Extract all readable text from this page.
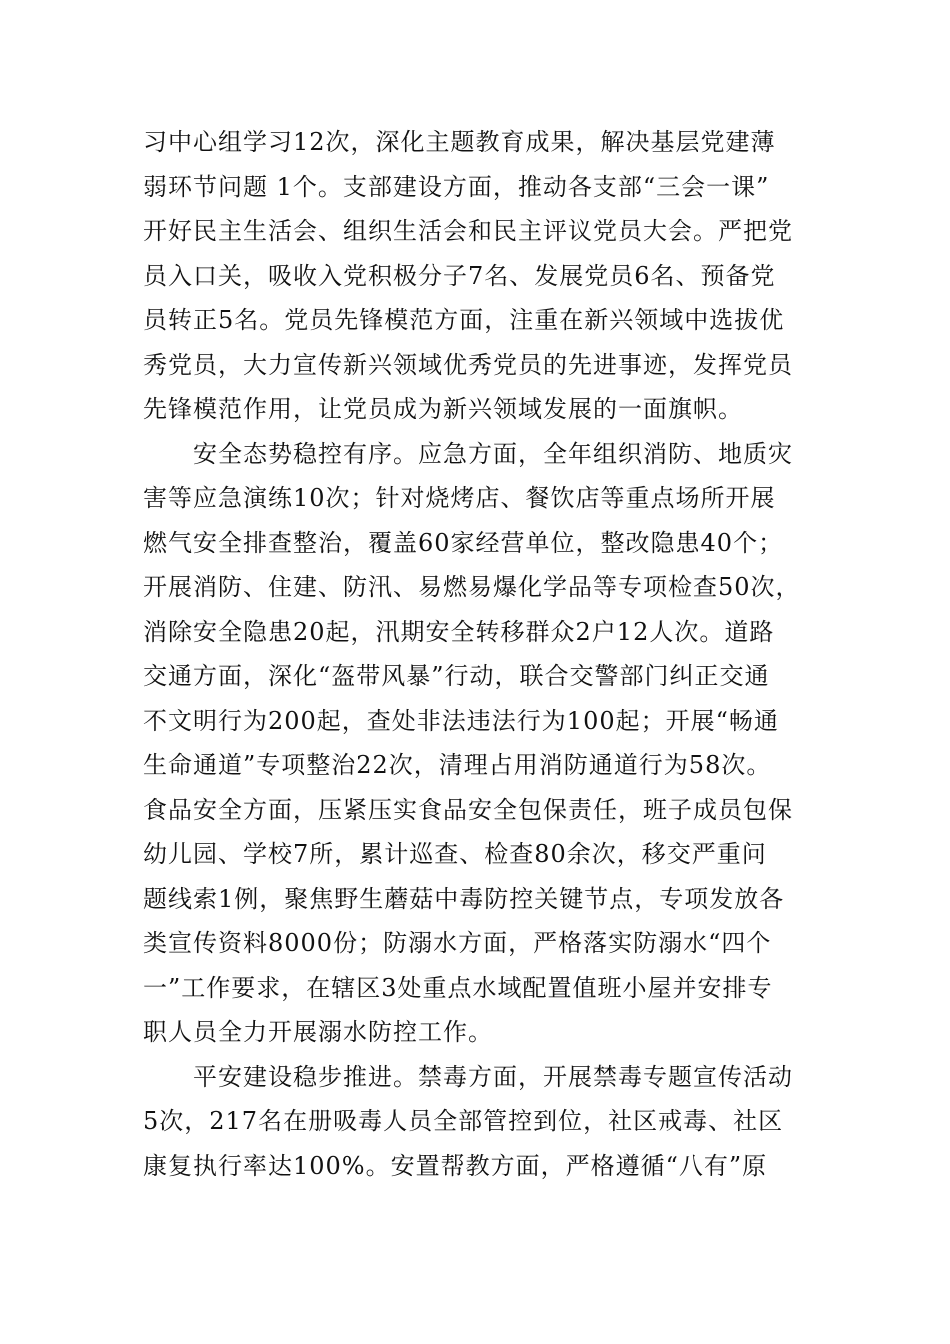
习中心组学习12次，深化主题教育成果，解决基层党建薄
弱环节问题 1个。支部建设方面，推动各支部“三会一课”
开好民主生活会、组织生活会和民主评议党员大会。严把党
员入口关，吸收入党积极分子7名、发展党员6名、预备党
员转正5名。党员先锋模范方面，注重在新兴领域中选拔优
秀党员，大力宣传新兴领域优秀党员的先进事迹，发挥党员
先锋模范作用，让党员成为新兴领域发展的一面旗帜。
安全态势稳控有序。应急方面，全年组织消防、地质灾
害等应急演练10次；针对烧烤店、餐饮店等重点场所开展
燃气安全排查整治，覆盖60家经营单位，整改隐患40个；
开展消防、住建、防汛、易燃易爆化学品等专项检查50次，
消除安全隐患20起，汛期安全转移群众2户12人次。道路
交通方面，深化“盔带风暴”行动，联合交警部门纠正交通
不文明行为200起，查处非法违法行为100起；开展“畅通
生命通道”专项整治22次，清理占用消防通道行为58次。
食品安全方面，压紧压实食品安全包保责任，班子成员包保
幼儿园、学校7所，累计巡查、检查80余次，移交严重问
题线索1例，聚焦野生蘑菇中毒防控关键节点，专项发放各
类宣传资料8000份；防溺水方面，严格落实防溺水“四个
一”工作要求，在辖区3处重点水域配置值班小屋并安排专
职人员全力开展溺水防控工作。
平安建设稳步推进。禁毒方面，开展禁毒专题宣传活动
5次，217名在册吸毒人员全部管控到位，社区戒毒、社区
康复执行率达100%。安置帮教方面，严格遵循“八有”原
